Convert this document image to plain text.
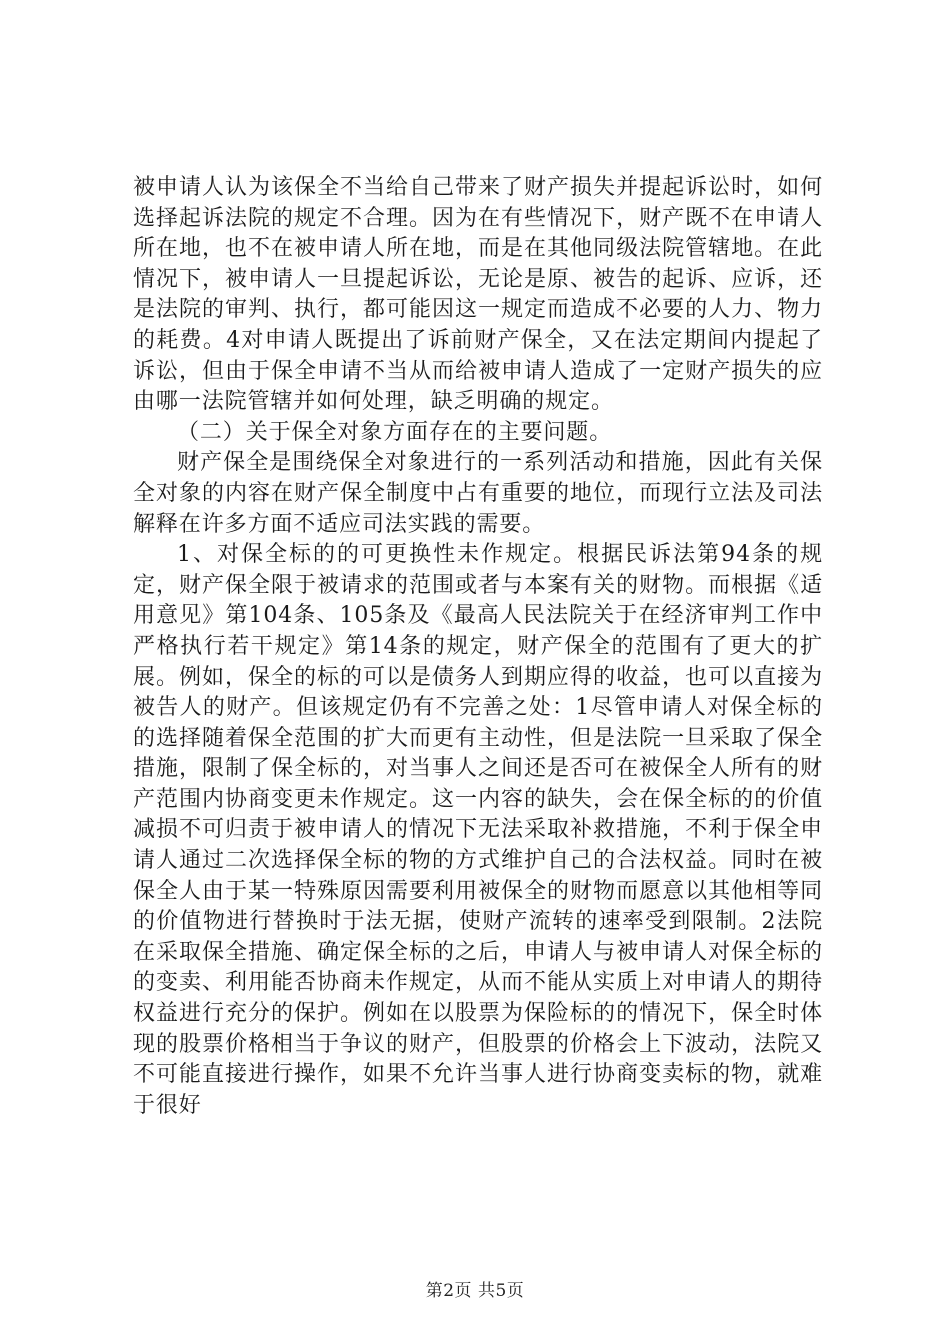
被申请人认为该保全不当给自己带来了财产损失并提起诉讼时，如何选择起诉法院的规定不合理。因为在有些情况下，财产既不在申请人所在地，也不在被申请人所在地，而是在其他同级法院管辖地。在此情况下，被申请人一旦提起诉讼，无论是原、被告的起诉、应诉，还是法院的审判、执行，都可能因这一规定而造成不必要的人力、物力的耗费。4对申请人既提出了诉前财产保全，又在法定期间内提起了诉讼，但由于保全申请不当从而给被申请人造成了一定财产损失的应由哪一法院管辖并如何处理，缺乏明确的规定。

（二）关于保全对象方面存在的主要问题。

财产保全是围绕保全对象进行的一系列活动和措施，因此有关保全对象的内容在财产保全制度中占有重要的地位，而现行立法及司法解释在许多方面不适应司法实践的需要。

1、对保全标的的可更换性未作规定。根据民诉法第94条的规定，财产保全限于被请求的范围或者与本案有关的财物。而根据《适用意见》第104条、105条及《最高人民法院关于在经济审判工作中严格执行若干规定》第14条的规定，财产保全的范围有了更大的扩展。例如，保全的标的可以是债务人到期应得的收益，也可以直接为被告人的财产。但该规定仍有不完善之处：1尽管申请人对保全标的的选择随着保全范围的扩大而更有主动性，但是法院一旦采取了保全措施，限制了保全标的，对当事人之间还是否可在被保全人所有的财产范围内协商变更未作规定。这一内容的缺失，会在保全标的的价值减损不可归责于被申请人的情况下无法采取补救措施，不利于保全申请人通过二次选择保全标的物的方式维护自己的合法权益。同时在被保全人由于某一特殊原因需要利用被保全的财物而愿意以其他相等同的价值物进行替换时于法无据，使财产流转的速率受到限制。2法院在采取保全措施、确定保全标的之后，申请人与被申请人对保全标的的变卖、利用能否协商未作规定，从而不能从实质上对申请人的期待权益进行充分的保护。例如在以股票为保险标的的情况下，保全时体现的股票价格相当于争议的财产，但股票的价格会上下波动，法院又不可能直接进行操作，如果不允许当事人进行协商变卖标的物，就难于很好

第2页 共5页
